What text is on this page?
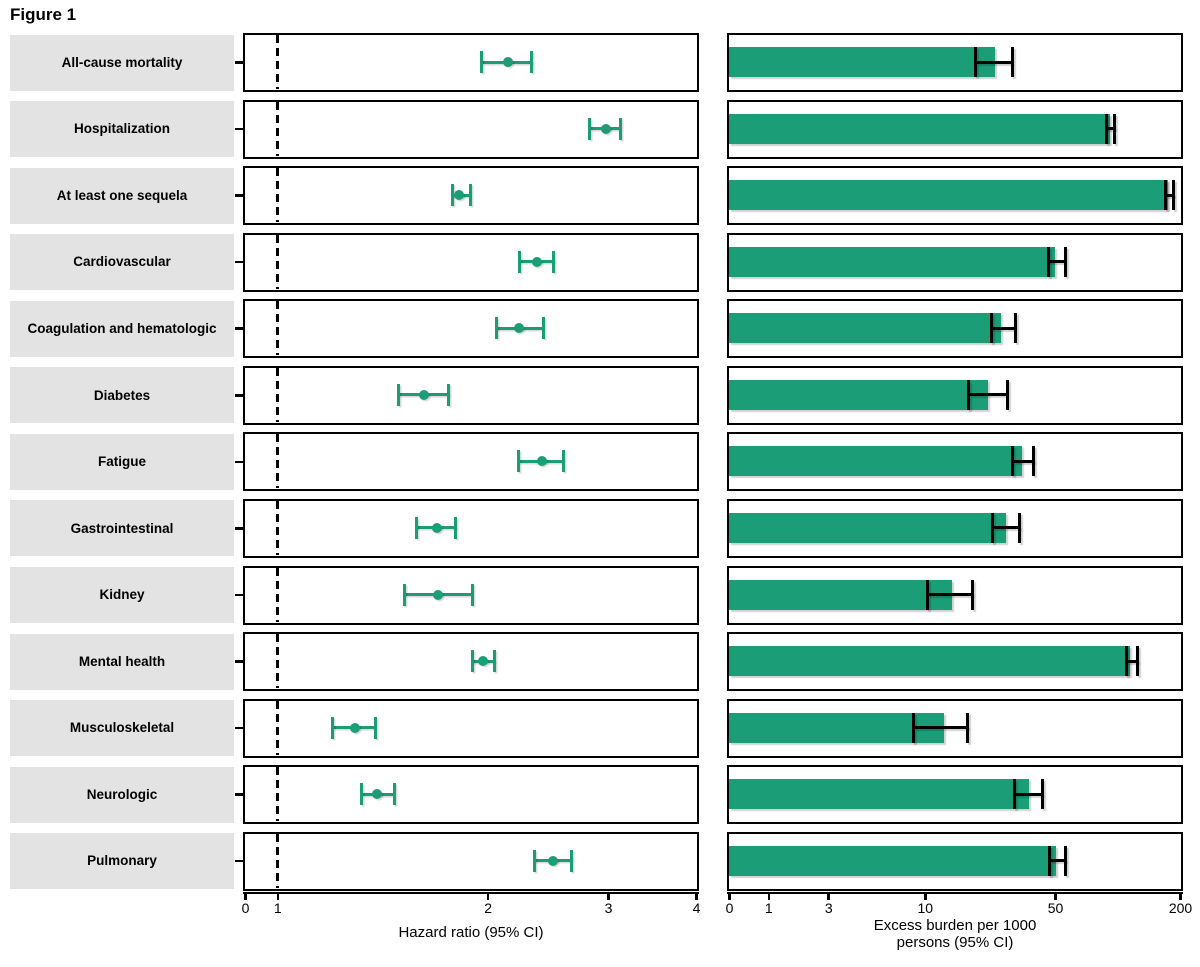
Figure 1
All-cause mortality
Hospitalization
At least one sequela
Cardiovascular
Coagulation and hematologic
Diabetes
Fatigue
Gastrointestinal
Kidney
Mental health
Musculoskeletal
Neurologic
Pulmonary
0	1	2	3	4	0	1	3	10	50	200
Hazard ratio (95% CI)	Excess burden per 1000
persons (95% CI)
